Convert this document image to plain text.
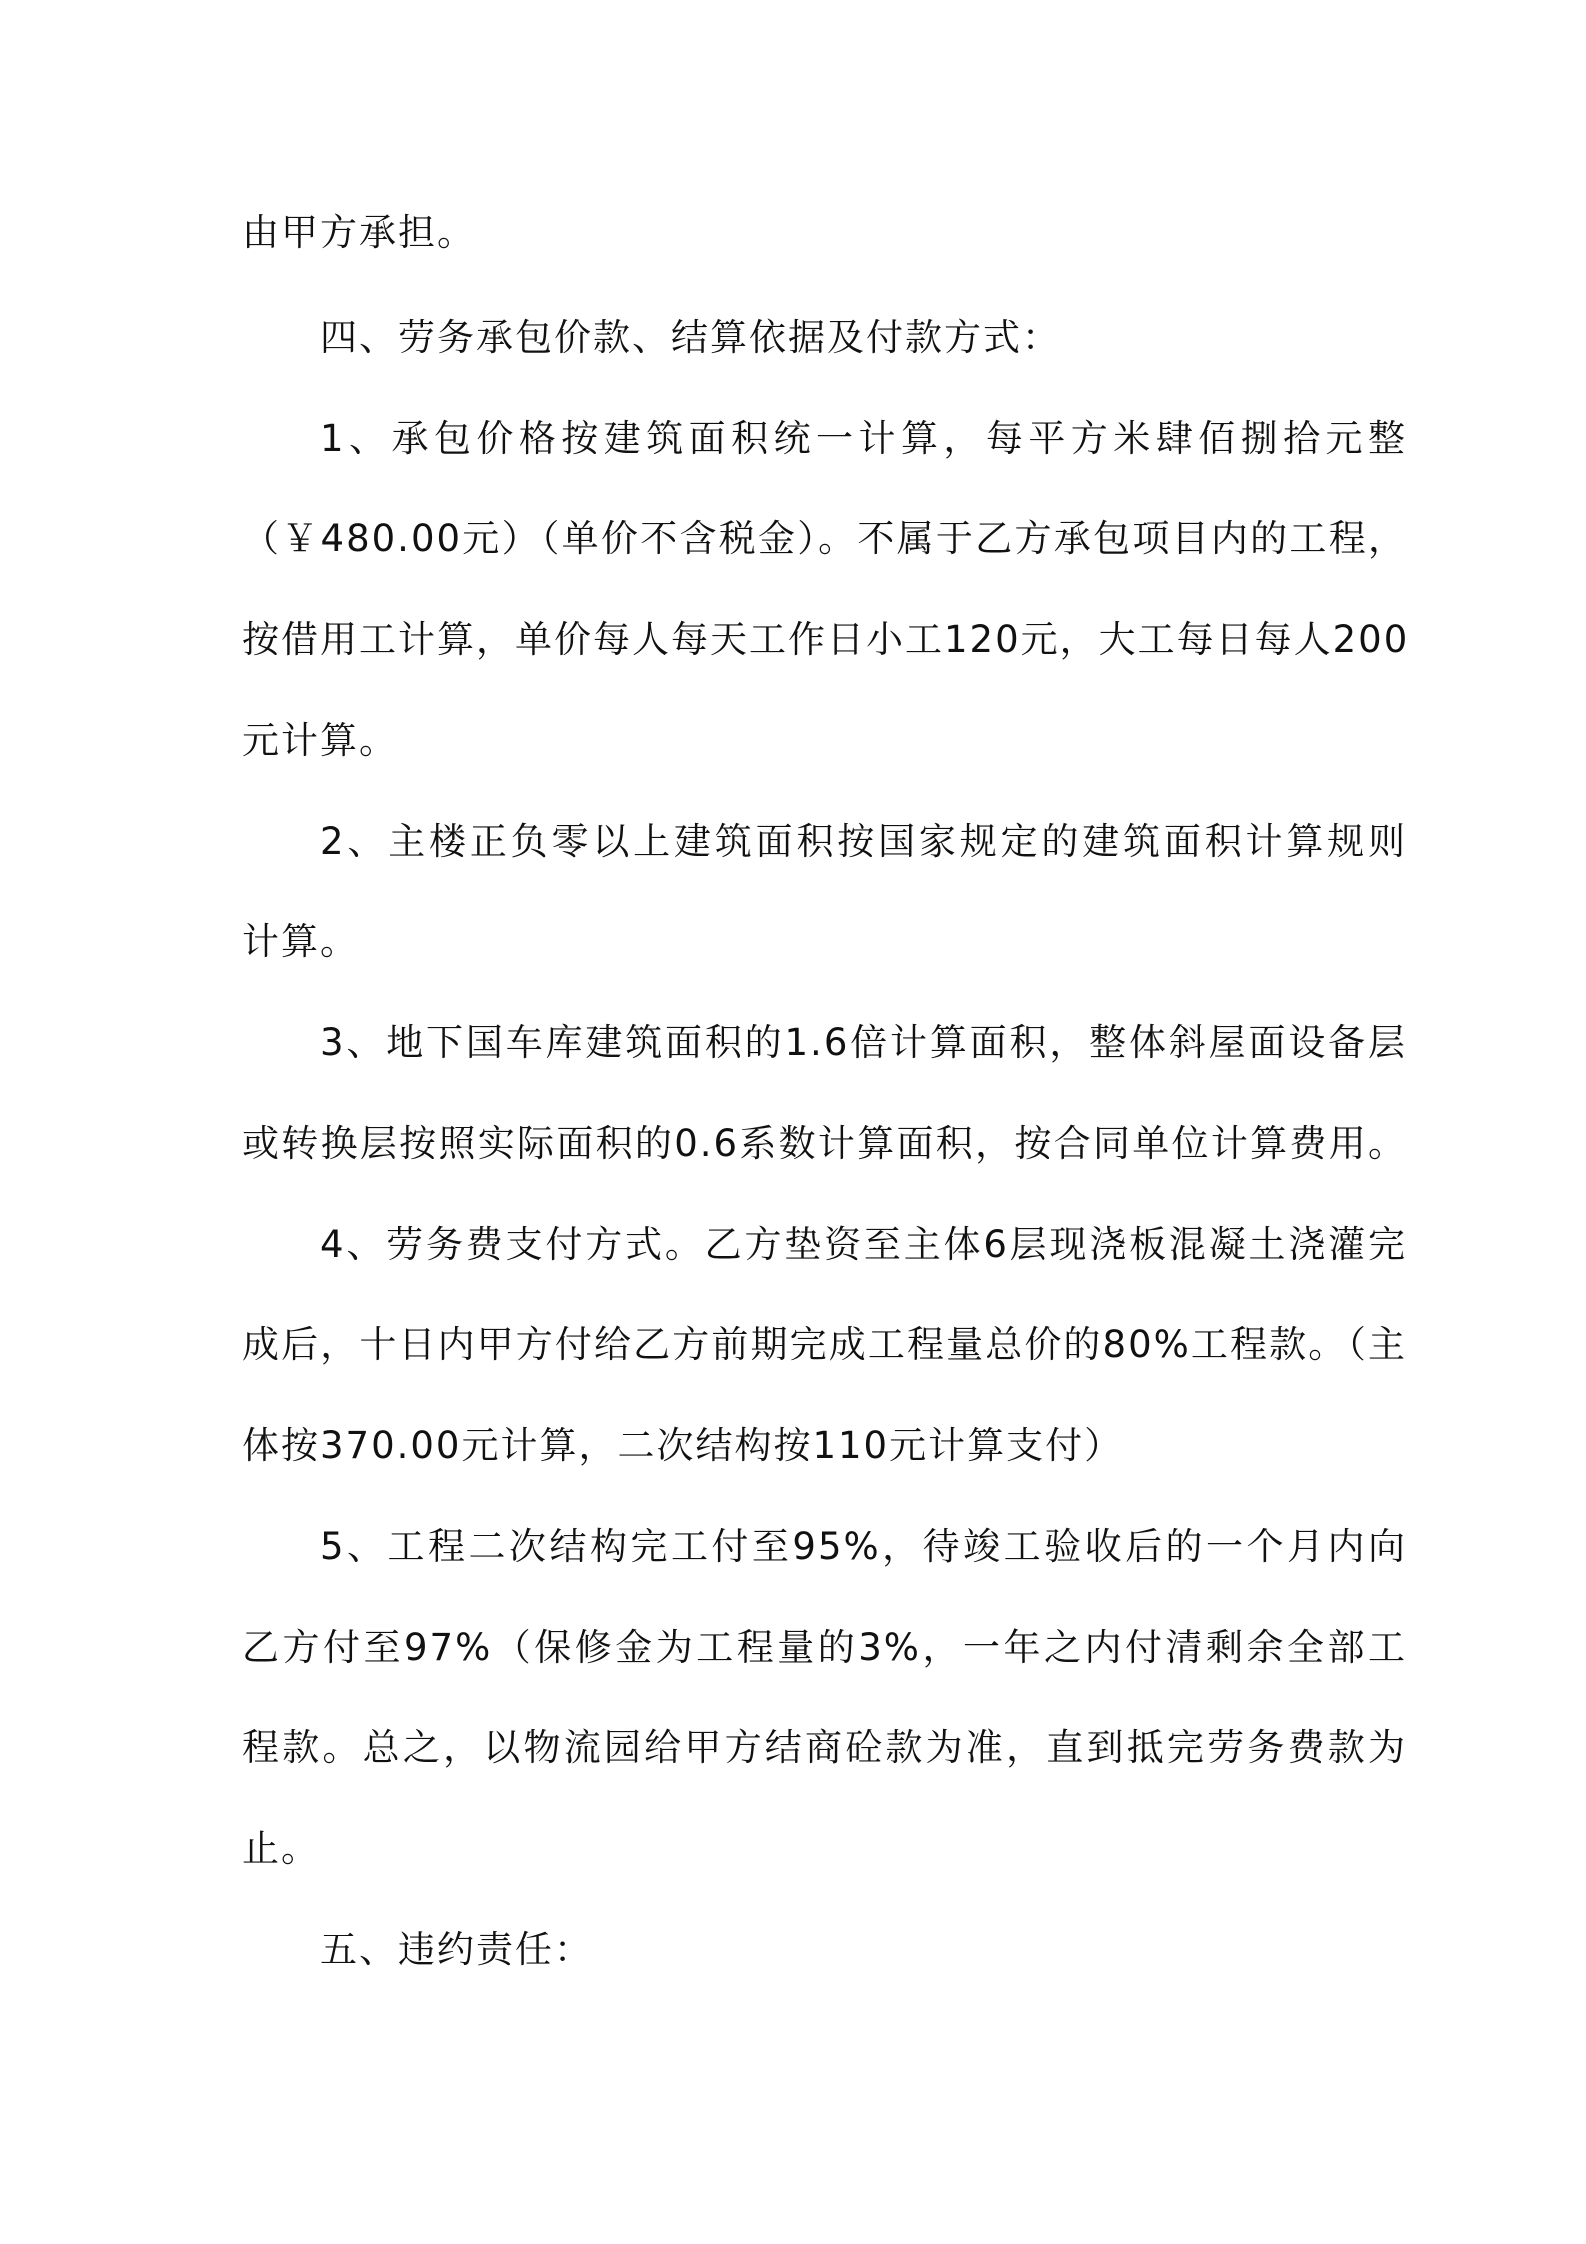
由甲方承担。
四、劳务承包价款、结算依据及付款方式：
1、承包价格按建筑面积统一计算，每平方米肆佰捌拾元整
（￥480.00元）（单价不含税金）。不属于乙方承包项目内的工程，
按借用工计算，单价每人每天工作日小工120元，大工每日每人200
元计算。
2、主楼正负零以上建筑面积按国家规定的建筑面积计算规则
计算。
3、地下国车库建筑面积的1.6倍计算面积，整体斜屋面设备层
或转换层按照实际面积的0.6系数计算面积，按合同单位计算费用。
4、劳务费支付方式。乙方垫资至主体6层现浇板混凝土浇灌完
成后，十日内甲方付给乙方前期完成工程量总价的80%工程款。（主
体按370.00元计算，二次结构按110元计算支付）
5、工程二次结构完工付至95%，待竣工验收后的一个月内向
乙方付至97%（保修金为工程量的3%，一年之内付清剩余全部工
程款。总之，以物流园给甲方结商砼款为准，直到抵完劳务费款为
止。
五、违约责任：
